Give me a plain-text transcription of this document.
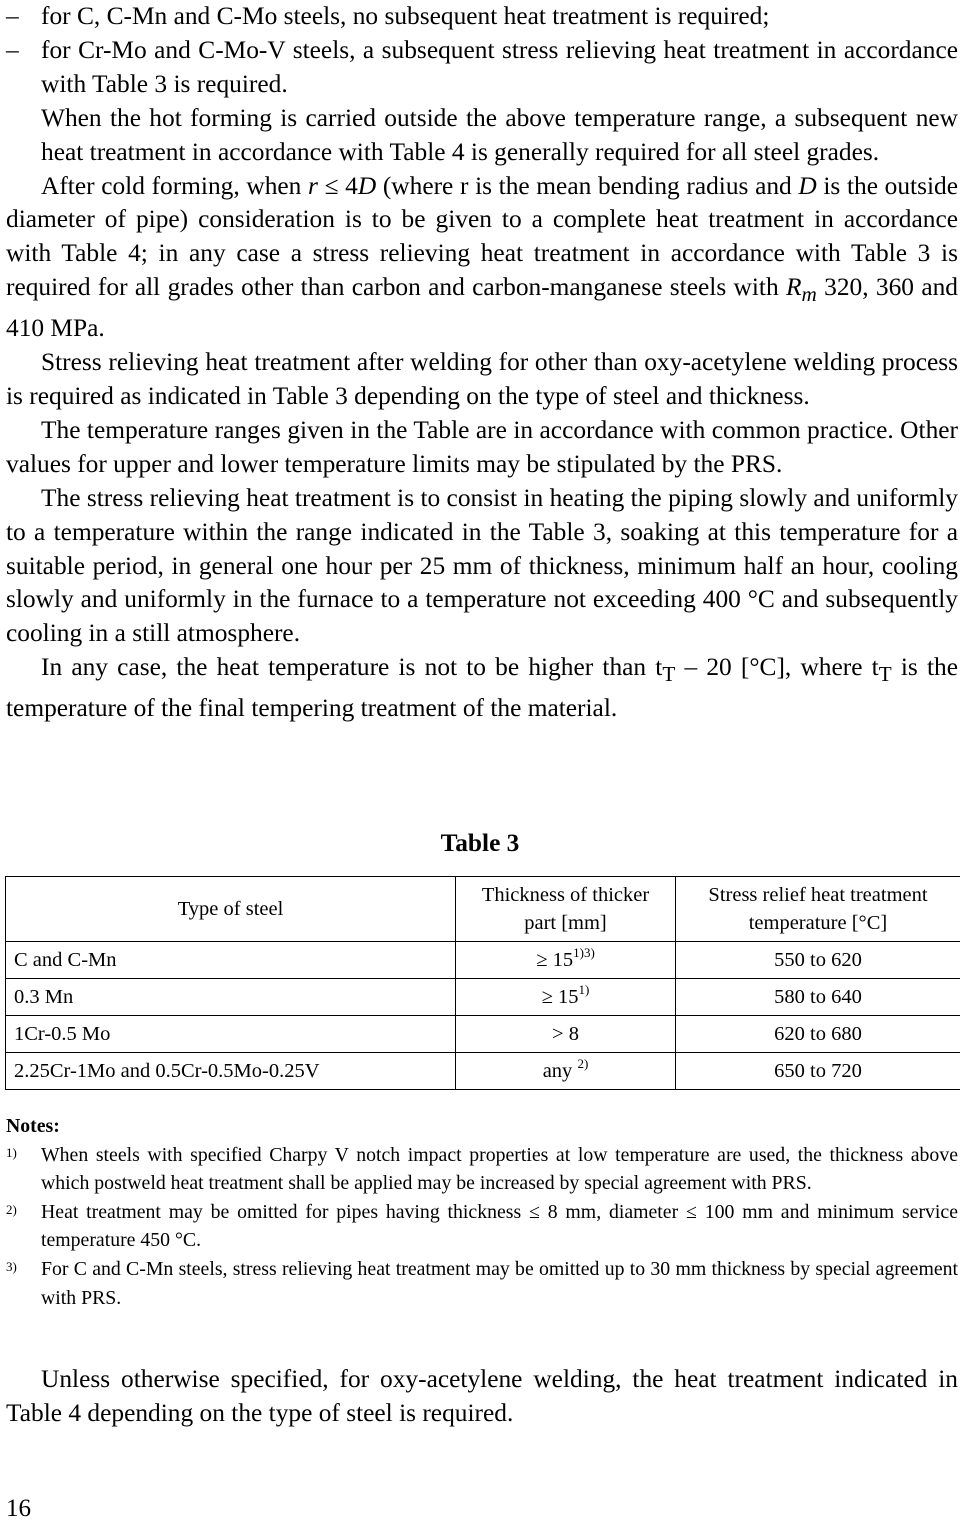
– for C, C-Mn and C-Mo steels, no subsequent heat treatment is required;
– for Cr-Mo and C-Mo-V steels, a subsequent stress relieving heat treatment in accordance with Table 3 is required.

When the hot forming is carried outside the above temperature range, a subsequent new heat treatment in accordance with Table 4 is generally required for all steel grades.

After cold forming, when r ≤ 4D (where r is the mean bending radius and D is the outside diameter of pipe) consideration is to be given to a complete heat treatment in accordance with Table 4; in any case a stress relieving heat treatment in accordance with Table 3 is required for all grades other than carbon and carbon-manganese steels with $R_m$ 320, 360 and 410 MPa.

Stress relieving heat treatment after welding for other than oxy-acetylene welding process is required as indicated in Table 3 depending on the type of steel and thickness.

The temperature ranges given in the Table are in accordance with common practice. Other values for upper and lower temperature limits may be stipulated by the PRS.

The stress relieving heat treatment is to consist in heating the piping slowly and uniformly to a temperature within the range indicated in the Table 3, soaking at this temperature for a suitable period, in general one hour per 25 mm of thickness, minimum half an hour, cooling slowly and uniformly in the furnace to a temperature not exceeding 400 °C and subsequently cooling in a still atmosphere.

In any case, the heat temperature is not to be higher than $t_T - 20$ [°C], where $t_T$ is the temperature of the final tempering treatment of the material.

Table 3
Type of steel	Thickness of thicker part [mm]	Stress relief heat treatment temperature [°C]
C and C-Mn	≥ $15^{1)3)}$	550 to 620
0.3 Mn	≥ $15^{1)}$	580 to 640
1Cr-0.5 Mo	> 8	620 to 680
2.25Cr-1Mo and 0.5Cr-0.5Mo-0.25V	any $^{2)}$	650 to 720
Notes:
1)	When steels with specified Charpy V notch impact properties at low temperature are used, the thickness above which postweld heat treatment shall be applied may be increased by special agreement with PRS.
2)	Heat treatment may be omitted for pipes having thickness ≤ 8 mm, diameter ≤ 100 mm and minimum service temperature 450 °C.
3)	For C and C-Mn steels, stress relieving heat treatment may be omitted up to 30 mm thickness by special agreement with PRS.

Unless otherwise specified, for oxy-acetylene welding, the heat treatment indicated in Table 4 depending on the type of steel is required.

16
